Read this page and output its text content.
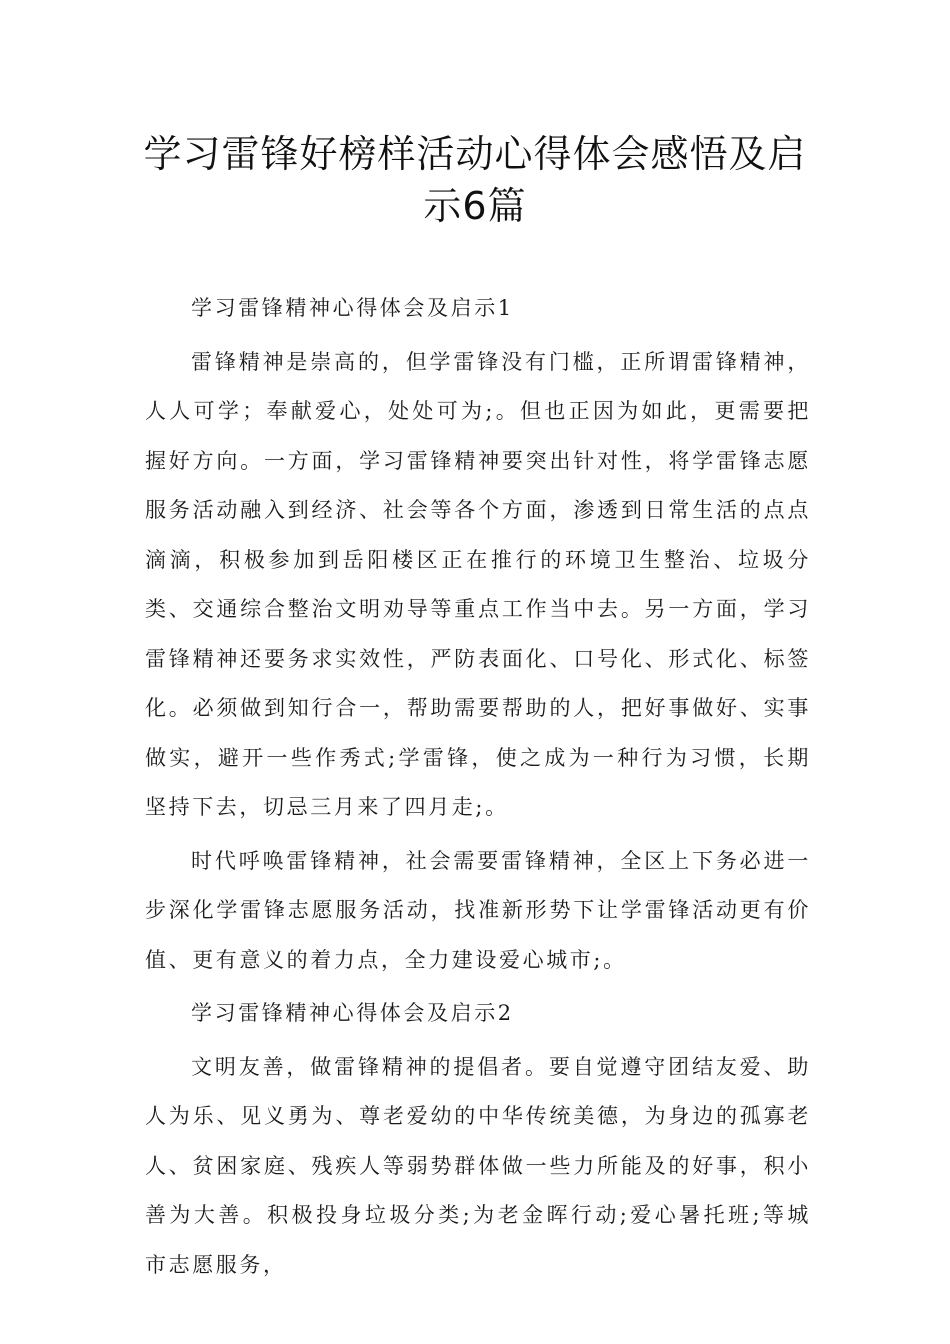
学习雷锋好榜样活动心得体会感悟及启
示6篇

学习雷锋精神心得体会及启示1

雷锋精神是崇高的，但学雷锋没有门槛，正所谓雷锋精神，人人可学；奉献爱心，处处可为;。但也正因为如此，更需要把握好方向。一方面，学习雷锋精神要突出针对性，将学雷锋志愿服务活动融入到经济、社会等各个方面，渗透到日常生活的点点滴滴，积极参加到岳阳楼区正在推行的环境卫生整治、垃圾分类、交通综合整治文明劝导等重点工作当中去。另一方面，学习雷锋精神还要务求实效性，严防表面化、口号化、形式化、标签化。必须做到知行合一，帮助需要帮助的人，把好事做好、实事做实，避开一些作秀式;学雷锋，使之成为一种行为习惯，长期坚持下去，切忌三月来了四月走;。

时代呼唤雷锋精神，社会需要雷锋精神，全区上下务必进一步深化学雷锋志愿服务活动，找准新形势下让学雷锋活动更有价值、更有意义的着力点，全力建设爱心城市;。

学习雷锋精神心得体会及启示2

文明友善，做雷锋精神的提倡者。要自觉遵守团结友爱、助人为乐、见义勇为、尊老爱幼的中华传统美德，为身边的孤寡老人、贫困家庭、残疾人等弱势群体做一些力所能及的好事，积小善为大善。积极投身垃圾分类;为老金晖行动;爱心暑托班;等城市志愿服务，
